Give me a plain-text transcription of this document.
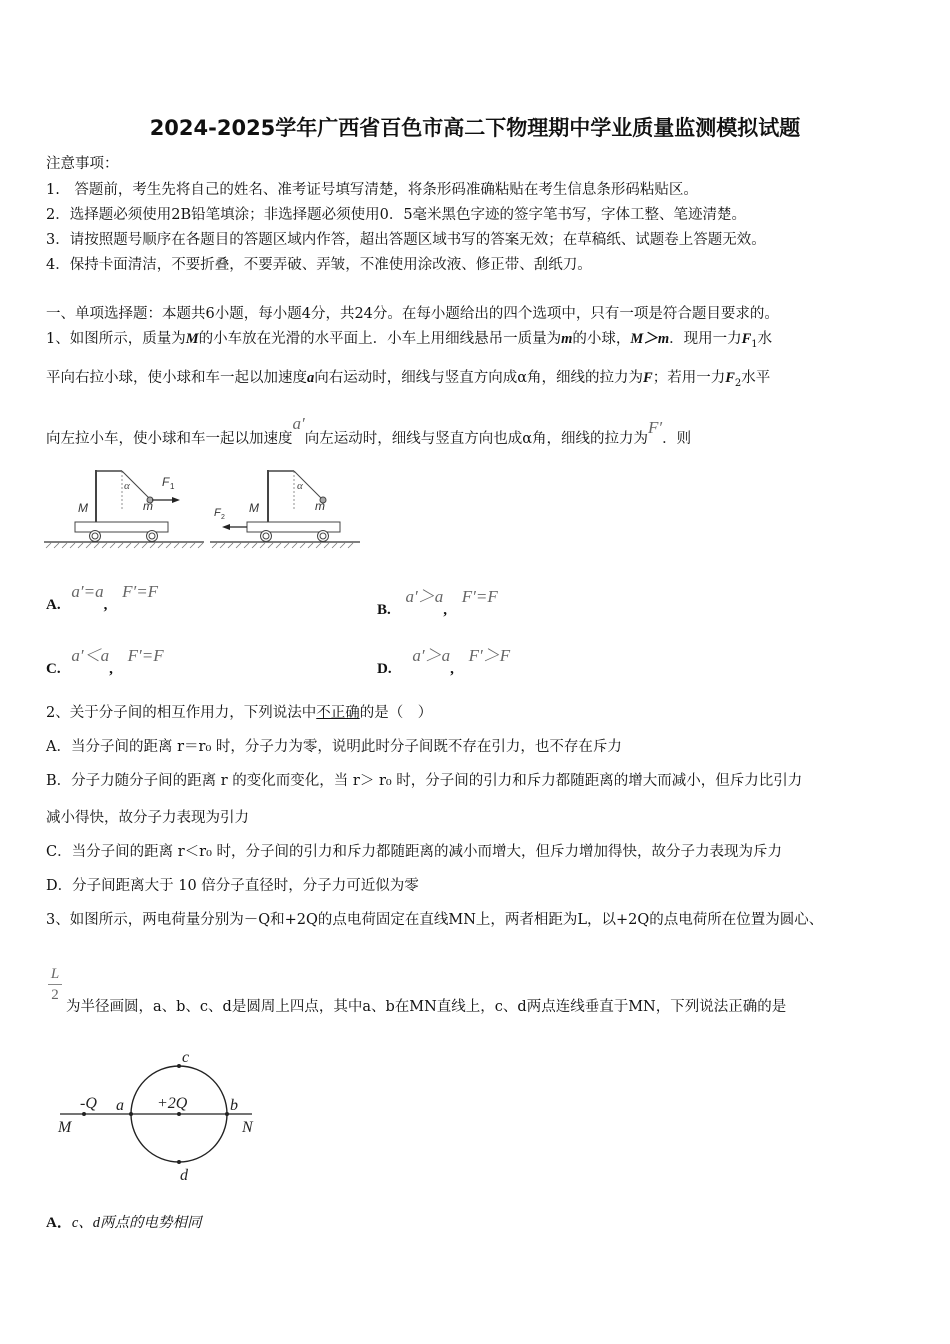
2024-2025学年广西省百色市高二下物理期中学业质量监测模拟试题
注意事项：
1.　答题前，考生先将自己的姓名、准考证号填写清楚，将条形码准确粘贴在考生信息条形码粘贴区。
2．选择题必须使用2B铅笔填涂；非选择题必须使用0．5毫米黑色字迹的签字笔书写，字体工整、笔迹清楚。
3．请按照题号顺序在各题目的答题区域内作答，超出答题区域书写的答案无效；在草稿纸、试题卷上答题无效。
4．保持卡面清洁，不要折叠，不要弄破、弄皱，不准使用涂改液、修正带、刮纸刀。
一、单项选择题：本题共6小题，每小题4分，共24分。在每小题给出的四个选项中，只有一项是符合题目要求的。
1、如图所示，质量为M的小车放在光滑的水平面上．小车上用细线悬吊一质量为m的小球，M＞m．现用一力$F_1$水
平向右拉小球，使小球和车一起以加速度a向右运动时，细线与竖直方向成α角，细线的拉力为F；若用一力$F_2$水平
向左拉小车，使小球和车一起以加速度a′向左运动时，细线与竖直方向也成α角，细线的拉力为F′．则
α
M	m
F 1	α
M	m
F 2
A. a′=a, F′=F
B. a′＞a, F′=F
C. a′＜a, F′=F
D. a′＞a, F′＞F
2、关于分子间的相互作用力，下列说法中不正确的是（　）
A．当分子间的距离 r＝r₀ 时，分子力为零，说明此时分子间既不存在引力，也不存在斥力
B．分子力随分子间的距离 r 的变化而变化，当 r＞ r₀ 时，分子间的引力和斥力都随距离的增大而减小，但斥力比引力
减小得快，故分子力表现为引力
C．当分子间的距离 r＜r₀ 时，分子间的引力和斥力都随距离的减小而增大，但斥力增加得快，故分子力表现为斥力
D．分子间距离大于 10 倍分子直径时，分子力可近似为零
3、如图所示，两电荷量分别为－Q和+2Q的点电荷固定在直线MN上，两者相距为L，以+2Q的点电荷所在位置为圆心、
L
2
为半径画圆，a、b、c、d是圆周上四点，其中a、b在MN直线上，c、d两点连线垂直于MN，下列说法正确的是
-Q a +2Q	b
c
d
M	N
A．c、d两点的电势相同
